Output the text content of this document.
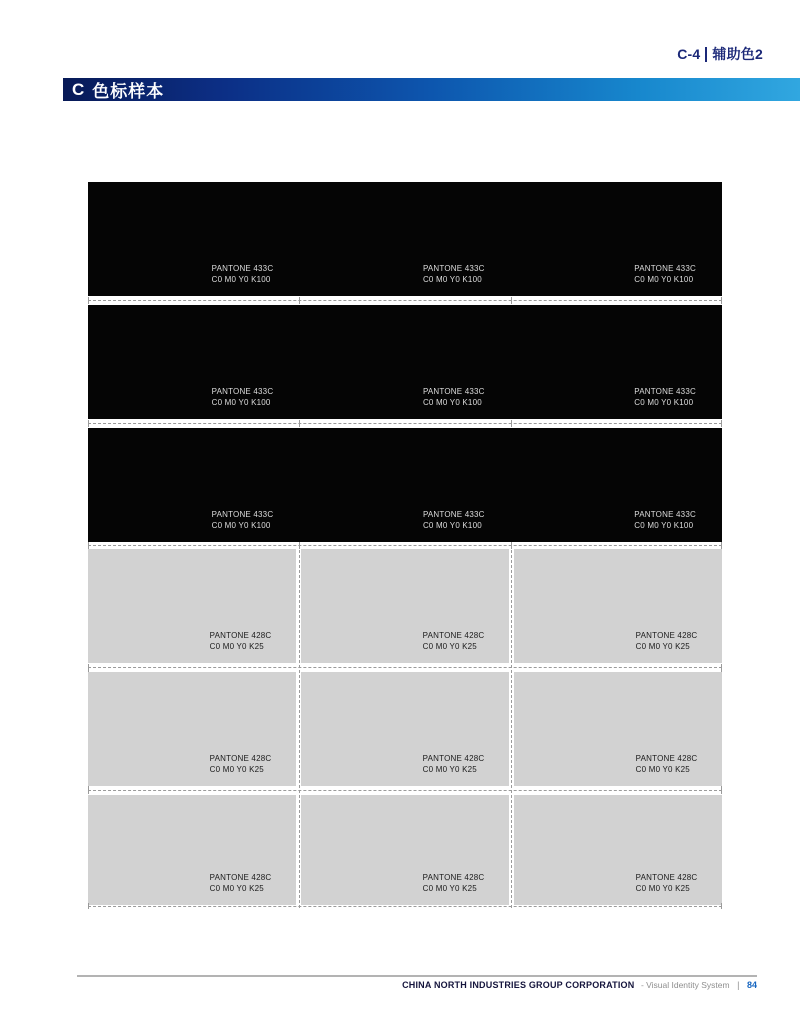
C-4 辅助色2
C 色标样本
PANTONE 433C
C0 M0 Y0 K100
PANTONE 433C
C0 M0 Y0 K100
PANTONE 433C
C0 M0 Y0 K100
PANTONE 433C
C0 M0 Y0 K100
PANTONE 433C
C0 M0 Y0 K100
PANTONE 433C
C0 M0 Y0 K100
PANTONE 433C
C0 M0 Y0 K100
PANTONE 433C
C0 M0 Y0 K100
PANTONE 433C
C0 M0 Y0 K100
PANTONE 428C
C0 M0 Y0 K25
PANTONE 428C
C0 M0 Y0 K25
PANTONE 428C
C0 M0 Y0 K25
PANTONE 428C
C0 M0 Y0 K25
PANTONE 428C
C0 M0 Y0 K25
PANTONE 428C
C0 M0 Y0 K25
PANTONE 428C
C0 M0 Y0 K25
PANTONE 428C
C0 M0 Y0 K25
PANTONE 428C
C0 M0 Y0 K25
CHINA NORTH INDUSTRIES GROUP CORPORATION - Visual Identity System | 84
